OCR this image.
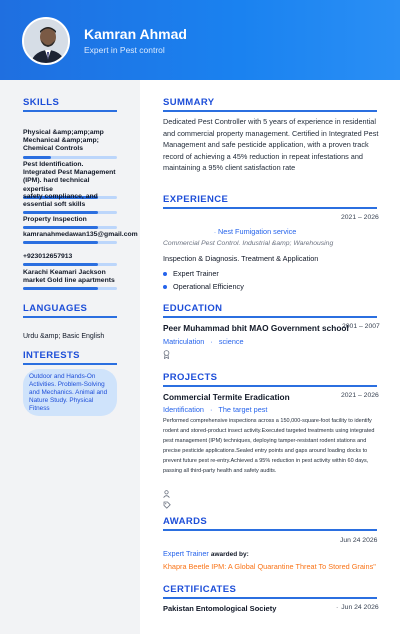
Kamran Ahmad
Expert in Pest control
SKILLS
Physical &amp;amp;amp Mechanical &amp;amp; Chemical Controls
Pest Identification. Integrated Pest Management (IPM). hard technical expertise
safety compliance, and essential soft skills
Property Inspection
kamranahmedawan135@gmail.com
+923012657913
Karachi Keamari Jackson market Gold line apartments
LANGUAGES
Urdu &amp; Basic English
INTERESTS
Outdoor and Hands-On Activities. Problem-Solving and Mechanics. Animal and Nature Study. Physical Fitness
SUMMARY
Dedicated Pest Controller with 5 years of experience in residential and commercial property management. Certified in Integrated Pest Management and safe pesticide application, with a proven track record of achieving a 45% reduction in repeat infestations and maintaining a 95% client satisfaction rate
EXPERIENCE
2021 – 2026
· Nest Fumigation service
Commercial Pest Control. Industrial &amp; Warehousing
Inspection & Diagnosis. Treatment & Application
Expert Trainer
Operational Efficiency
EDUCATION
Peer Muhammad bhit MAO Government school
2001 – 2007
Matriculation · science
PROJECTS
Commercial Termite Eradication	2021 – 2026
Identification · The target pest
Performed comprehensive inspections across a 150,000-square-foot facility to identify rodent and stored-product insect activity.Executed targeted treatments using integrated pest management (IPM) techniques, deploying tamper-resistant rodent stations and precise pesticide applications.Sealed entry points and gaps around loading docks to prevent future pest re-entry.Achieved a 95% reduction in pest activity within 60 days, passing all third-party health and safety audits.
AWARDS
Jun 24 2026
Expert Trainer awarded by:
Khapra Beetle IPM: A Global Quarantine Threat To Stored Grains"
CERTIFICATES
Pakistan Entomological Society	· Jun 24 2026
